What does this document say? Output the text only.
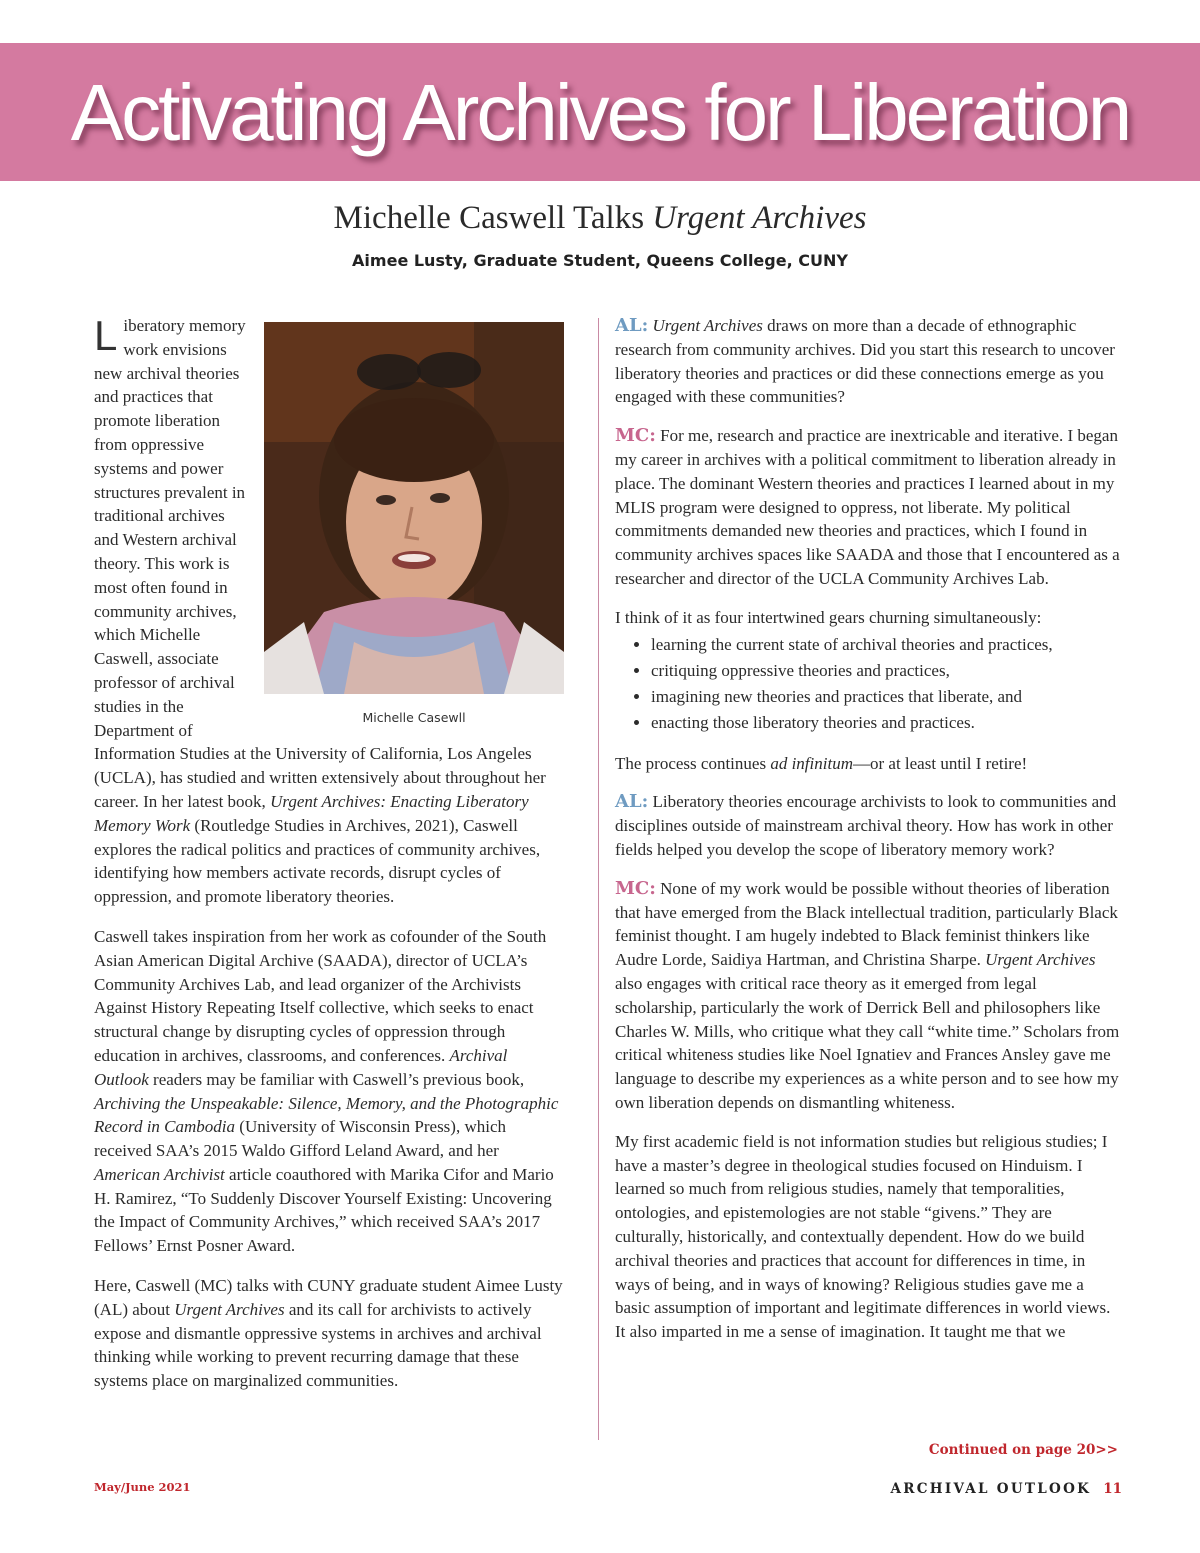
Activating Archives for Liberation
Michelle Caswell Talks Urgent Archives
Aimee Lusty, Graduate Student, Queens College, CUNY

L
Michelle Casewll
iberatory memory work envisions new archival theories and practices that promote liberation from oppressive systems and power structures prevalent in traditional archives and Western archival theory. This work is most often found in community archives, which Michelle Caswell, associate professor of archival studies in the Department of Information Studies at the University of California, Los Angeles (UCLA), has studied and written extensively about throughout her career. In her latest book, Urgent Archives: Enacting Liberatory Memory Work (Routledge Studies in Archives, 2021), Caswell explores the radical politics and practices of community archives, identifying how members activate records, disrupt cycles of oppression, and promote liberatory theories.

Caswell takes inspiration from her work as cofounder of the South Asian American Digital Archive (SAADA), director of UCLA’s Community Archives Lab, and lead organizer of the Archivists Against History Repeating Itself collective, which seeks to enact structural change by disrupting cycles of oppression through education in archives, classrooms, and conferences. Archival Outlook readers may be familiar with Caswell’s previous book, Archiving the Unspeakable: Silence, Memory, and the Photographic Record in Cambodia (University of Wisconsin Press), which received SAA’s 2015 Waldo Gifford Leland Award, and her American Archivist article coauthored with Marika Cifor and Mario H. Ramirez, “To Suddenly Discover Yourself Existing: Uncovering the Impact of Community Archives,” which received SAA’s 2017 Fellows’ Ernst Posner Award.

Here, Caswell (MC) talks with CUNY graduate student Aimee Lusty (AL) about Urgent Archives and its call for archivists to actively expose and dismantle oppressive systems in archives and archival thinking while working to prevent recurring damage that these systems place on marginalized communities.

AL: Urgent Archives draws on more than a decade of ethnographic research from community archives. Did you start this research to uncover liberatory theories and practices or did these connections emerge as you engaged with these communities?

MC: For me, research and practice are inextricable and iterative. I began my career in archives with a political commitment to liberation already in place. The dominant Western theories and practices I learned about in my MLIS program were designed to oppress, not liberate. My political commitments demanded new theories and practices, which I found in community archives spaces like SAADA and those that I encountered as a researcher and director of the UCLA Community Archives Lab.

I think of it as four intertwined gears churning simultaneously:

• learning the current state of archival theories and practices,
• critiquing oppressive theories and practices,
• imagining new theories and practices that liberate, and
• enacting those liberatory theories and practices.

The process continues ad infinitum—or at least until I retire!

AL: Liberatory theories encourage archivists to look to communities and disciplines outside of mainstream archival theory. How has work in other fields helped you develop the scope of liberatory memory work?

MC: None of my work would be possible without theories of liberation that have emerged from the Black intellectual tradition, particularly Black feminist thought. I am hugely indebted to Black feminist thinkers like Audre Lorde, Saidiya Hartman, and Christina Sharpe. Urgent Archives also engages with critical race theory as it emerged from legal scholarship, particularly the work of Derrick Bell and philosophers like Charles W. Mills, who critique what they call “white time.” Scholars from critical whiteness studies like Noel Ignatiev and Frances Ansley gave me language to describe my experiences as a white person and to see how my own liberation depends on dismantling whiteness.

My first academic field is not information studies but religious studies; I have a master’s degree in theological studies focused on Hinduism. I learned so much from religious studies, namely that temporalities, ontologies, and epistemologies are not stable “givens.” They are culturally, historically, and contextually dependent. How do we build archival theories and practices that account for differences in time, in ways of being, and in ways of knowing? Religious studies gave me a basic assumption of important and legitimate differences in world views. It also imparted in me a sense of imagination. It taught me that we

Continued on page 20>>
May/June 2021	ARCHIVAL OUTLOOK 11
